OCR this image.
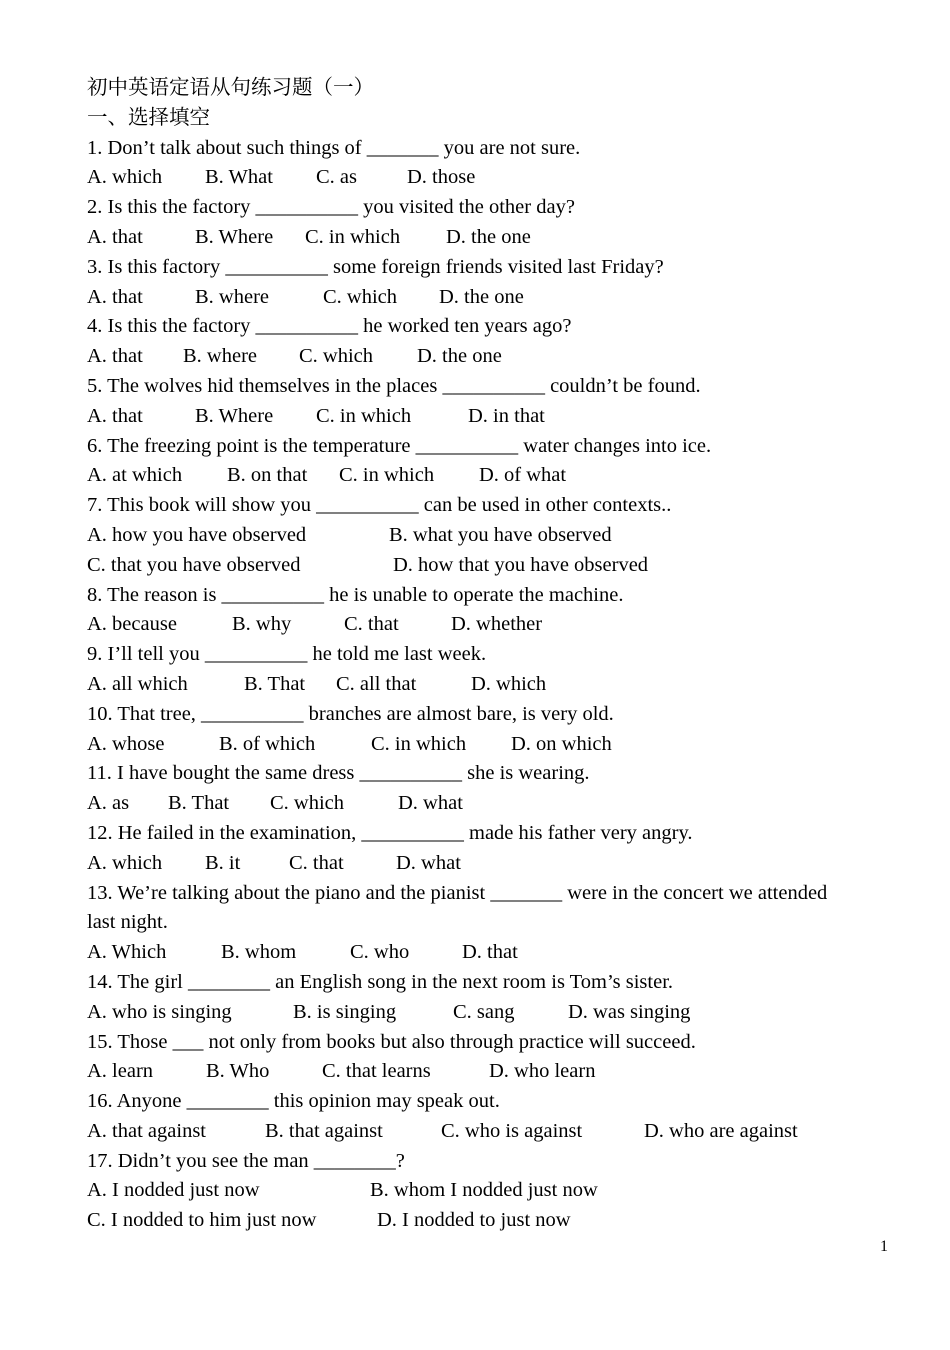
初中英语定语从句练习题（一）
一、选择填空
1. Don’t talk about such things of _______ you are not sure.
A. which B. What C. as D. those
2. Is this the factory __________ you visited the other day?
A. that	B. Where C. in which D. the one
3. Is this factory __________ some foreign friends visited last Friday?
A. that	B. where	C. which D. the one
4. Is this the factory __________ he worked ten years ago?
A. that B. where C. which D. the one
5. The wolves hid themselves in the places __________ couldn’t be found.
A. that	B. Where C. in which	D. in that
6. The freezing point is the temperature __________ water changes into ice.
A. at which B. on that C. in which D. of what
7. This book will show you __________ can be used in other contexts..
A. how you have observed	B. what you have observed
C. that you have observed	D. how that you have observed
8. The reason is __________ he is unable to operate the machine.
A. because	B. why	C. that	D. whether
9. I’ll tell you __________ he told me last week.
A. all which	B. That C. all that	D. which
10. That tree, __________ branches are almost bare, is very old.
A. whose	B. of which	C. in which D. on which
11. I have bought the same dress __________ she is wearing.
A. as B. That C. which	D. what
12. He failed in the examination, __________ made his father very angry.
A. which B. it C. that	D. what
13. We’re talking about the piano and the pianist _______ were in the concert we attended last night.
A. Which	B. whom	C. who	D. that
14. The girl ________ an English song in the next room is Tom’s sister.
A. who is singing	B. is singing	C. sang	D. was singing
15. Those ___ not only from books but also through practice will succeed.
A. learn	B. Who	C. that learns	D. who learn
16. Anyone ________ this opinion may speak out.
A. that against	B. that against	C. who is against	D. who are against
17. Didn’t you see the man ________?
A. I nodded just now	B. whom I nodded just now
C. I nodded to him just now	D. I nodded to just now
1
